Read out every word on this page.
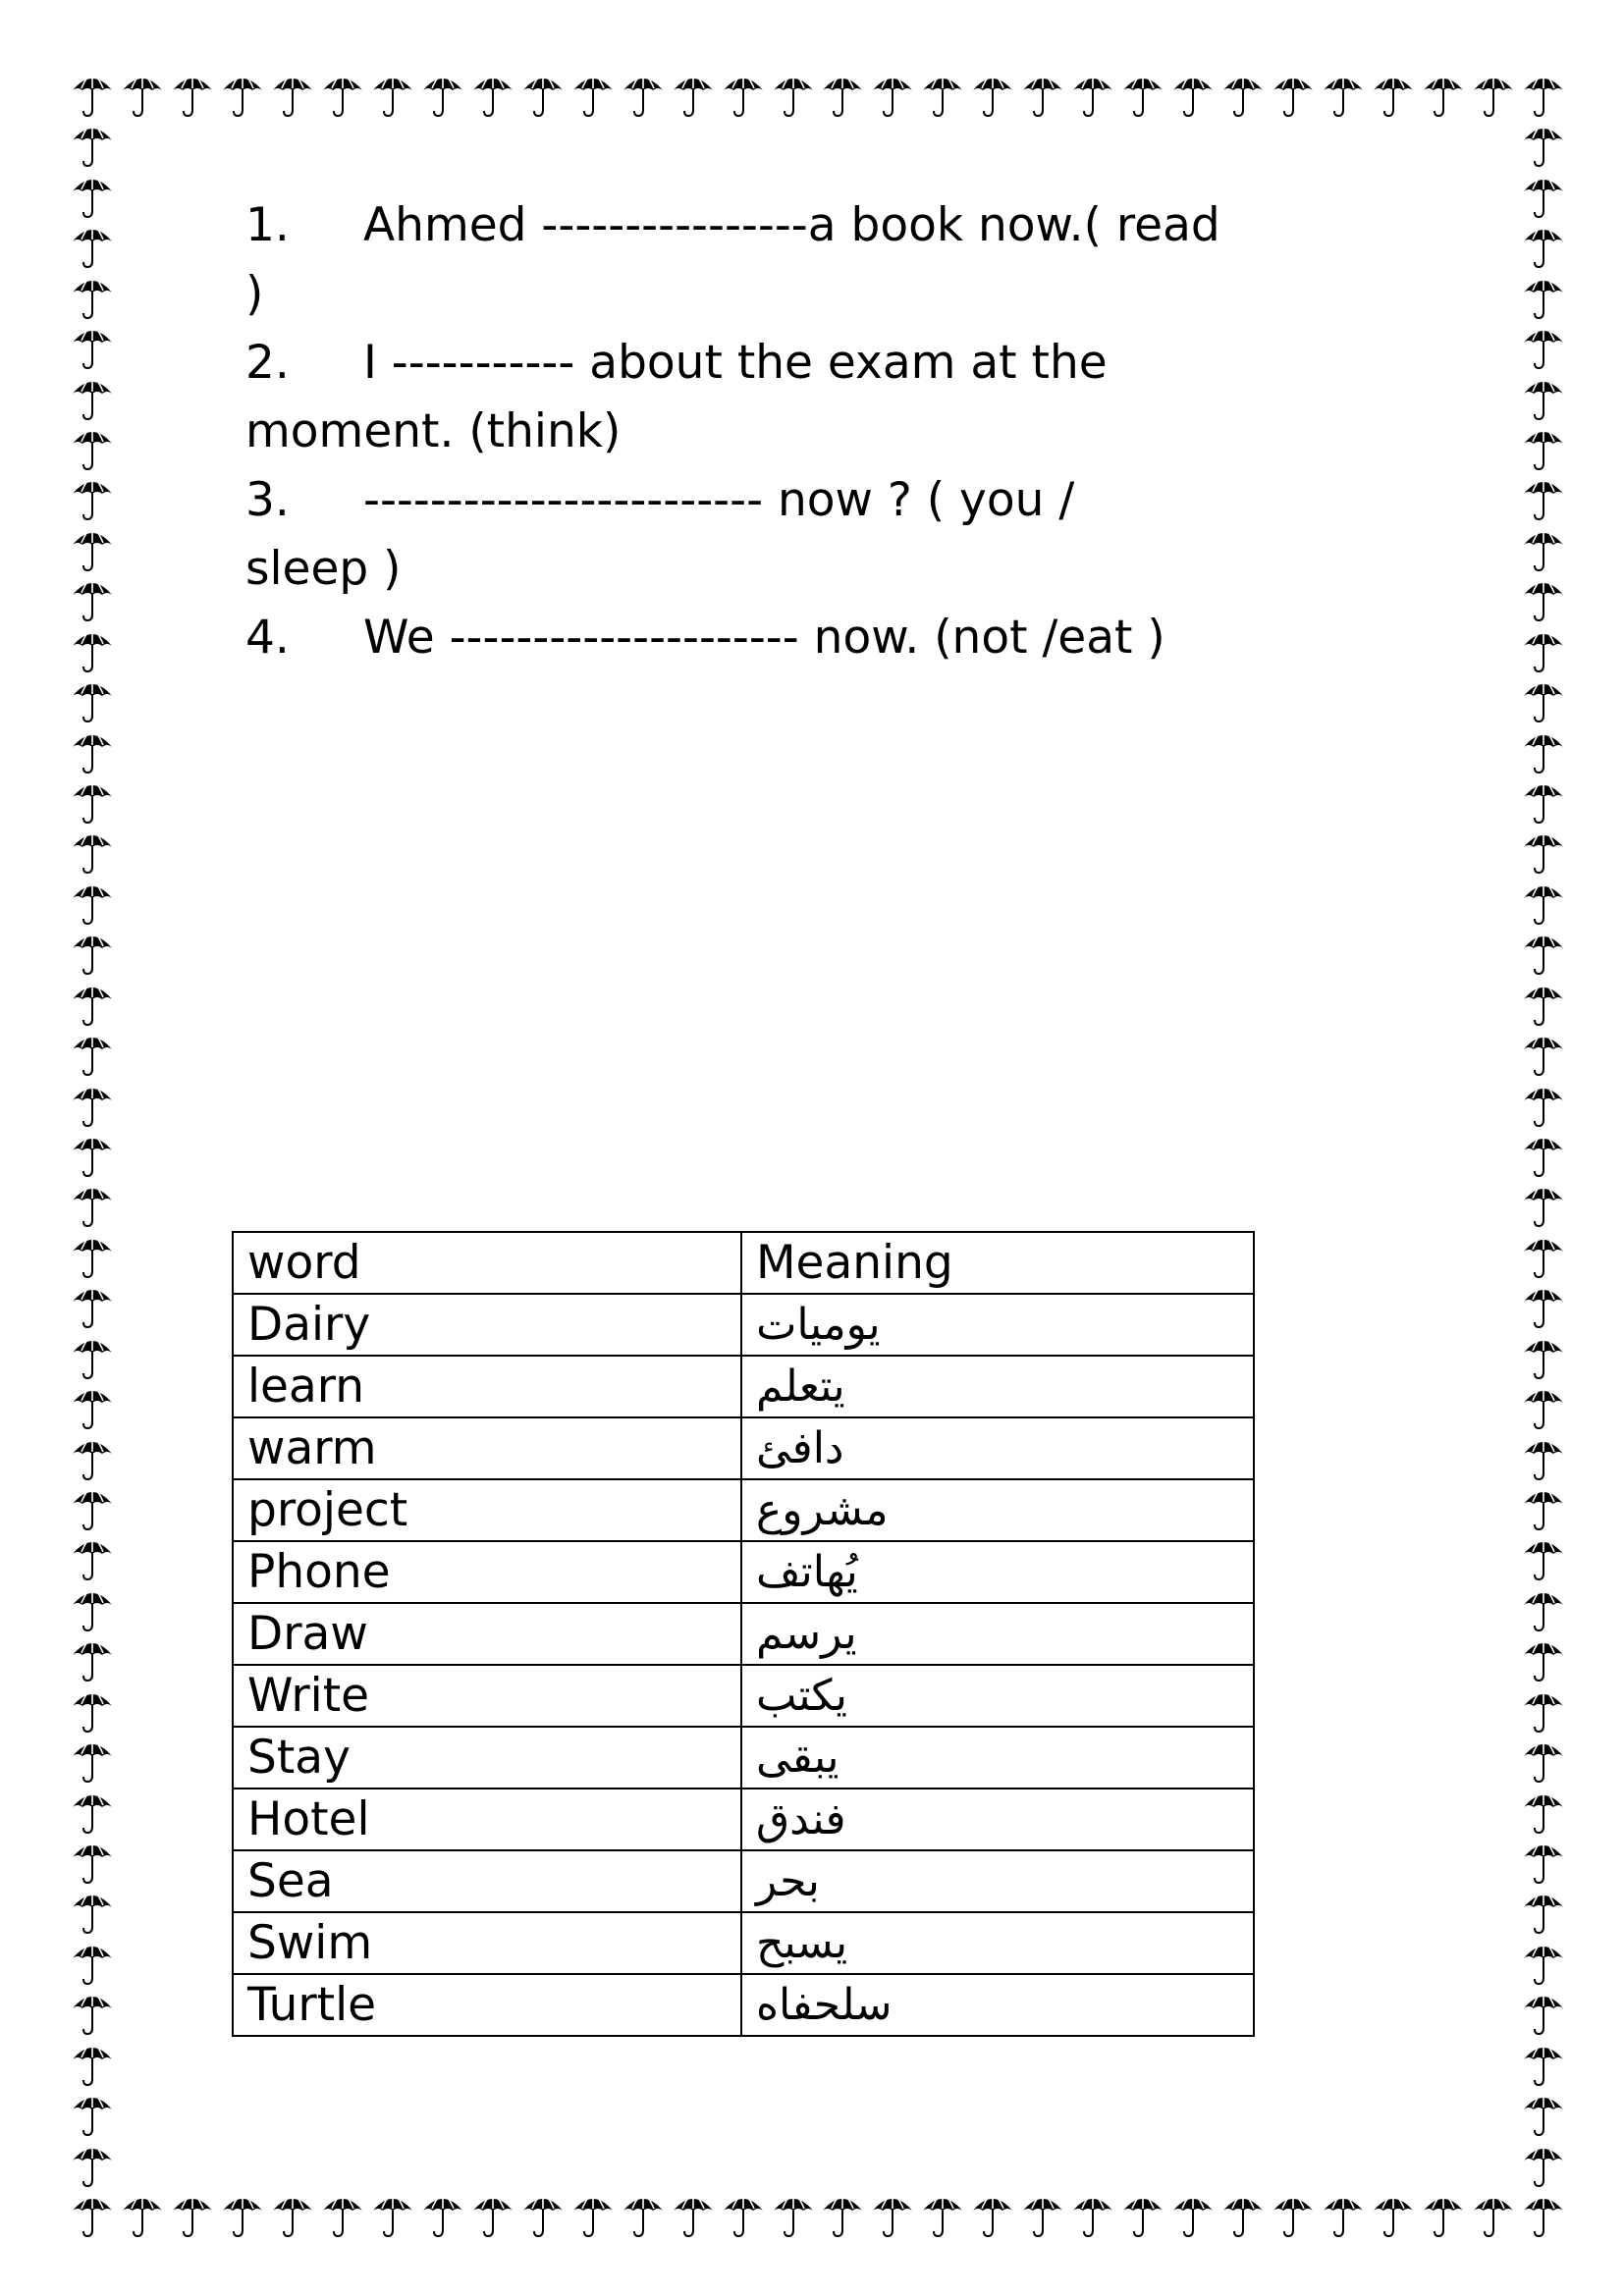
1. Ahmed ----------------a book now.( read
)
2. I ----------- about the exam at the
moment. (think)
3. ------------------------ now ? ( you /
sleep )
4. We --------------------- now. (not /eat )
word	Meaning
Dairy	يوميات
learn	يتعلم
warm	دافئ
project	مشروع
Phone	يُهاتف
Draw	يرسم
Write	يكتب
Stay	يبقى
Hotel	فندق
Sea	بحر
Swim	يسبح
Turtle	سلحفاه
